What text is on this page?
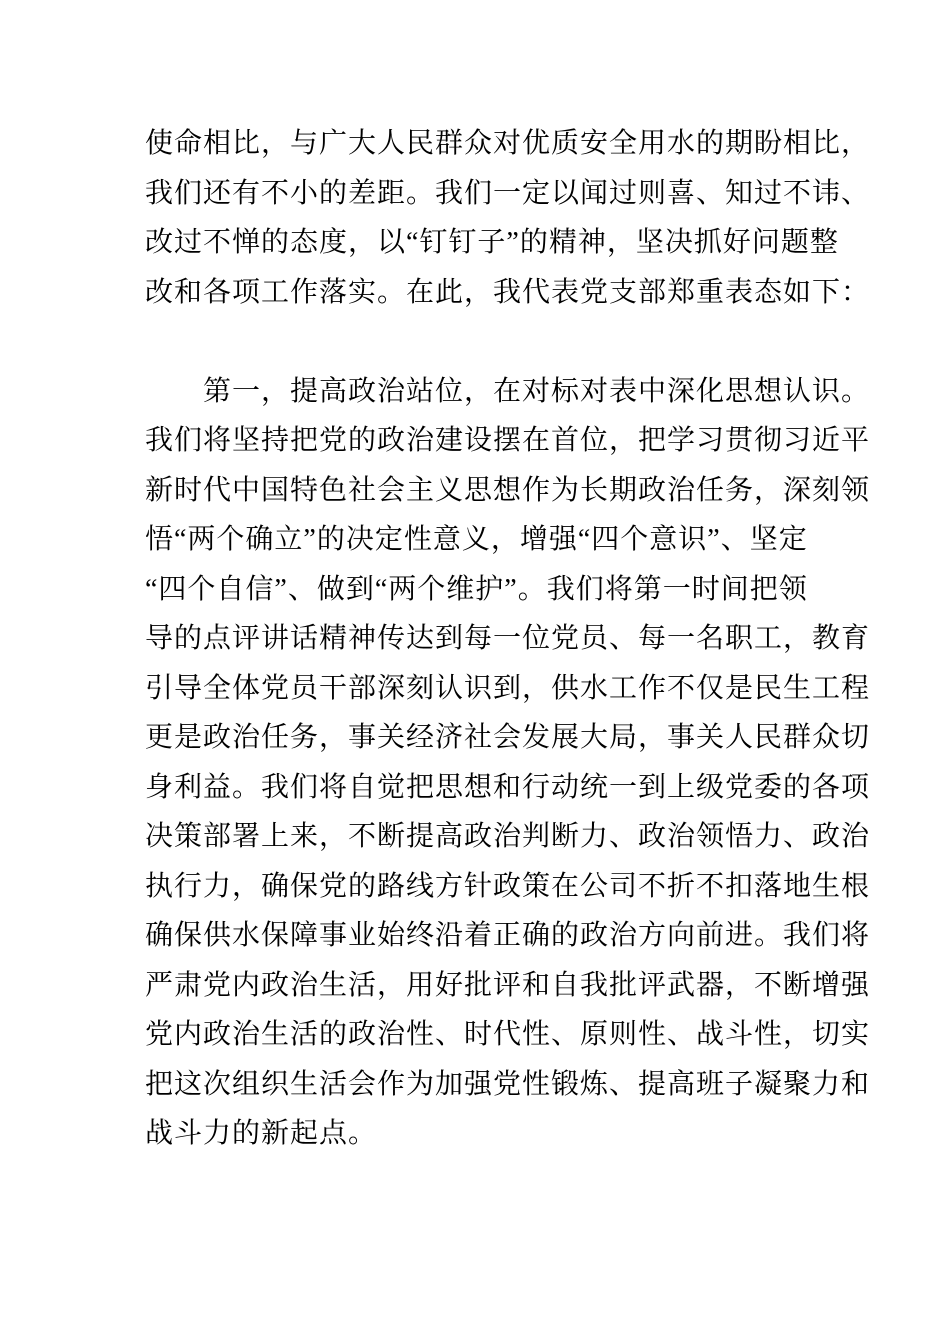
使命相比，与广大人民群众对优质安全用水的期盼相比，
我们还有不小的差距。我们一定以闻过则喜、知过不讳、
改过不惮的态度，以“钉钉子”的精神，坚决抓好问题整
改和各项工作落实。在此，我代表党支部郑重表态如下：
第一，提高政治站位，在对标对表中深化思想认识。
我们将坚持把党的政治建设摆在首位，把学习贯彻习近平
新时代中国特色社会主义思想作为长期政治任务，深刻领
悟“两个确立”的决定性意义，增强“四个意识”、坚定
“四个自信”、做到“两个维护”。我们将第一时间把领
导的点评讲话精神传达到每一位党员、每一名职工，教育
引导全体党员干部深刻认识到，供水工作不仅是民生工程
更是政治任务，事关经济社会发展大局，事关人民群众切
身利益。我们将自觉把思想和行动统一到上级党委的各项
决策部署上来，不断提高政治判断力、政治领悟力、政治
执行力，确保党的路线方针政策在公司不折不扣落地生根
确保供水保障事业始终沿着正确的政治方向前进。我们将
严肃党内政治生活，用好批评和自我批评武器，不断增强
党内政治生活的政治性、时代性、原则性、战斗性，切实
把这次组织生活会作为加强党性锻炼、提高班子凝聚力和
战斗力的新起点。
